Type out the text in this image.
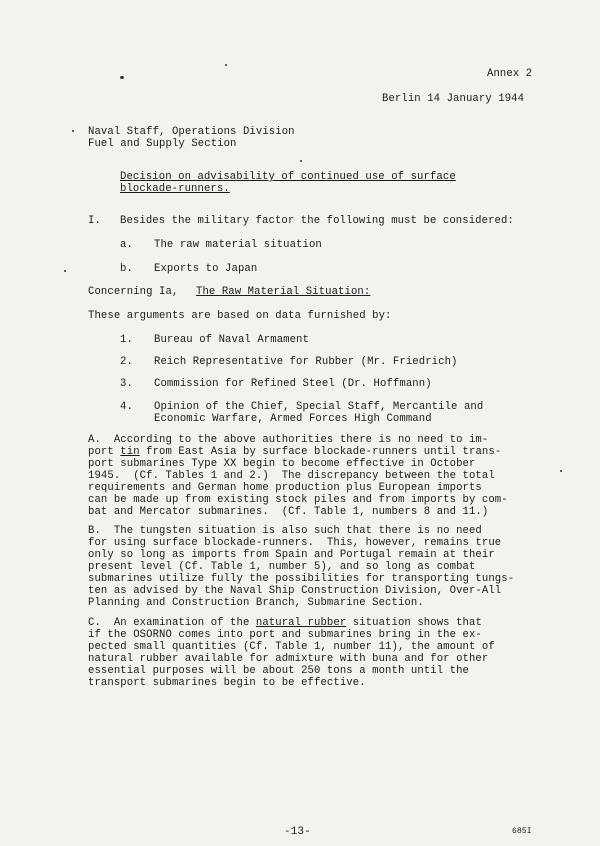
Annex 2
Berlin 14 January 1944
Naval Staff, Operations Division
Fuel and Supply Section
Decision on advisability of continued use of surface
blockade-runners.
I. Besides the military factor the following must be considered:
a. The raw material situation
b. Exports to Japan
Concerning Ia, The Raw Material Situation:
These arguments are based on data furnished by:
1. Bureau of Naval Armament
2. Reich Representative for Rubber (Mr. Friedrich)
3. Commission for Refined Steel (Dr. Hoffmann)
4. Opinion of the Chief, Special Staff, Mercantile and
Economic Warfare, Armed Forces High Command
A.  According to the above authorities there is no need to im-
port tin from East Asia by surface blockade-runners until trans-
port submarines Type XX begin to become effective in October
1945.  (Cf. Tables 1 and 2.)  The discrepancy between the total
requirements and German home production plus European imports
can be made up from existing stock piles and from imports by com-
bat and Mercator submarines.  (Cf. Table 1, numbers 8 and 11.)
B.  The tungsten situation is also such that there is no need
for using surface blockade-runners.  This, however, remains true
only so long as imports from Spain and Portugal remain at their
present level (Cf. Table 1, number 5), and so long as combat
submarines utilize fully the possibilities for transporting tungs-
ten as advised by the Naval Ship Construction Division, Over-All
Planning and Construction Branch, Submarine Section.
C.  An examination of the natural rubber situation shows that
if the OSORNO comes into port and submarines bring in the ex-
pected small quantities (Cf. Table 1, number 11), the amount of
natural rubber available for admixture with buna and for other
essential purposes will be about 250 tons a month until the
transport submarines begin to be effective.
-13-	685I
